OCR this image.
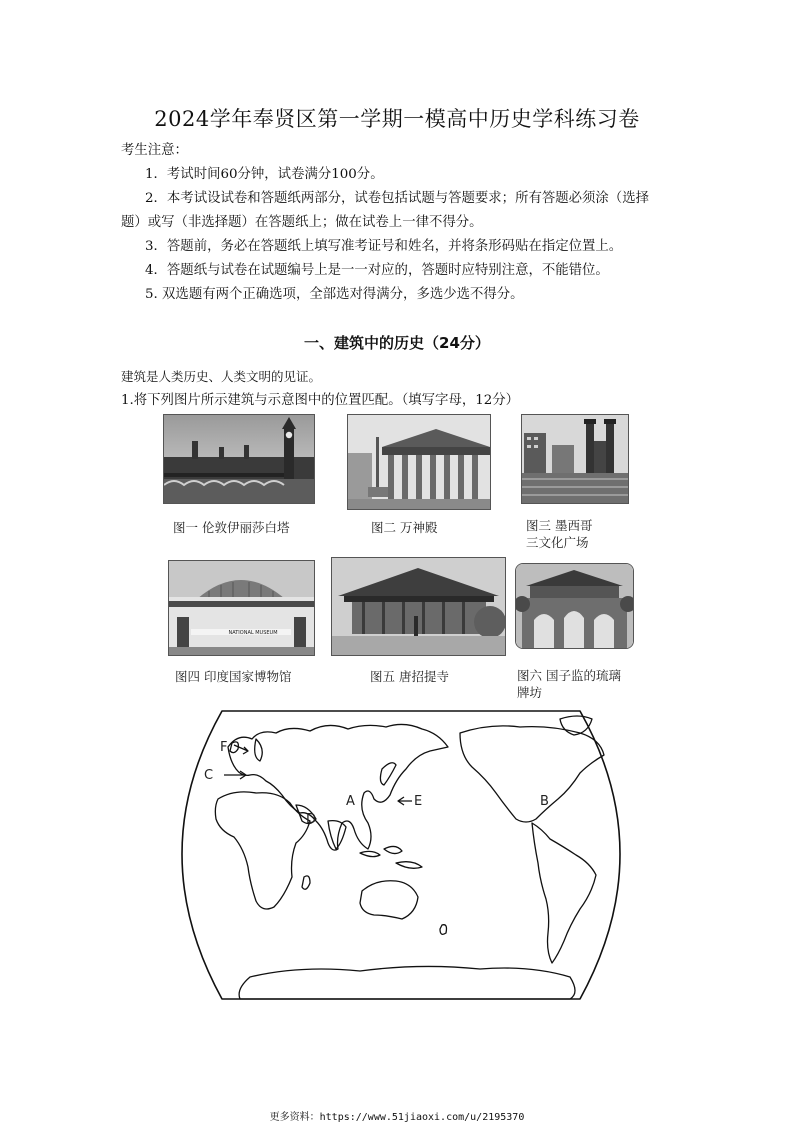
2024学年奉贤区第一学期一模高中历史学科练习卷
考生注意：
1．考试时间60分钟，试卷满分100分。
2．本考试设试卷和答题纸两部分，试卷包括试题与答题要求；所有答题必须涂（选择
题）或写（非选择题）在答题纸上；做在试卷上一律不得分。
3．答题前，务必在答题纸上填写准考证号和姓名，并将条形码贴在指定位置上。
4．答题纸与试卷在试题编号上是一一对应的，答题时应特别注意，不能错位。
5. 双选题有两个正确选项，全部选对得满分，多选少选不得分。
一、建筑中的历史（24分）
建筑是人类历史、人类文明的见证。
1.将下列图片所示建筑与示意图中的位置匹配。（填写字母，12分）
图一 伦敦伊丽莎白塔	图二 万神殿	图三 墨西哥
三文化广场
NATIONAL MUSEUM
图四 印度国家博物馆	图五 唐招提寺	图六 国子监的琉璃
牌坊
F
C
A	E
D
B
更多资料：https://www.51jiaoxi.com/u/2195370
